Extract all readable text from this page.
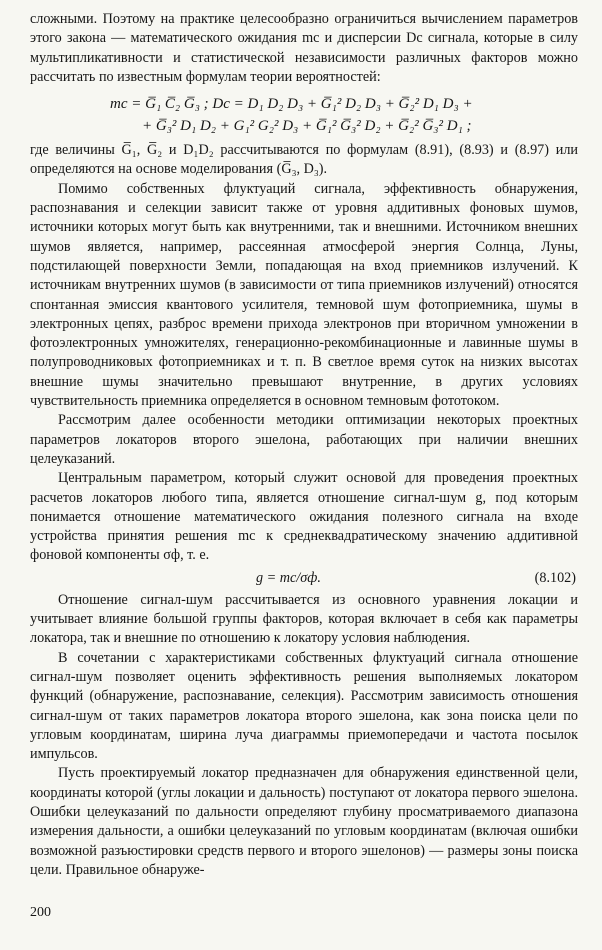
сложными. Поэтому на практике целесообразно ограничиться вычислением параметров этого закона — математического ожидания mc и дисперсии Dc сигнала, которые в силу мультипликативности и статистической независимости различных факторов можно рассчитать по известным формулам теории вероятностей:

mc = G̅₁ C̅₂ G̅₃ ; Dc = D₁ D₂ D₃ + G̅₁² D₂ D₃ + G̅₂² D₁ D₃ +
+ G̅₃² D₁ D₂ + G₁² G₂² D₃ + G̅₁² G̅₃² D₂ + G̅₂² G̅₃² D₁ ;

где величины G̅₁, G̅₂ и D₁D₂ рассчитываются по формулам (8.91), (8.93) и (8.97) или определяются на основе моделирования (G̅₃, D₃).

Помимо собственных флуктуаций сигнала, эффективность обнаружения, распознавания и селекции зависит также от уровня аддитивных фоновых шумов, источники которых могут быть как внутренними, так и внешними. Источником внешних шумов является, например, рассеянная атмосферой энергия Солнца, Луны, подстилающей поверхности Земли, попадающая на вход приемников излучений. К источникам внутренних шумов (в зависимости от типа приемников излучений) относятся спонтанная эмиссия квантового усилителя, темновой шум фотоприемника, шумы в электронных цепях, разброс времени прихода электронов при вторичном умножении в фотоэлектронных умножителях, генерационно-рекомбинационные и лавинные шумы в полупроводниковых фотоприемниках и т. п. В светлое время суток на низких высотах внешние шумы значительно превышают внутренние, в других условиях чувствительность приемника определяется в основном темновым фототоком.

Рассмотрим далее особенности методики оптимизации некоторых проектных параметров локаторов второго эшелона, работающих при наличии внешних целеуказаний.

Центральным параметром, который служит основой для проведения проектных расчетов локаторов любого типа, является отношение сигнал-шум g, под которым понимается отношение математического ожидания полезного сигнала на входе устройства принятия решения mc к среднеквадратическому значению аддитивной фоновой компоненты σф, т. е.

g = mc/σф.	(8.102)

Отношение сигнал-шум рассчитывается из основного уравнения локации и учитывает влияние большой группы факторов, которая включает в себя как параметры локатора, так и внешние по отношению к локатору условия наблюдения.

В сочетании с характеристиками собственных флуктуаций сигнала отношение сигнал-шум позволяет оценить эффективность решения выполняемых локатором функций (обнаружение, распознавание, селекция). Рассмотрим зависимость отношения сигнал-шум от таких параметров локатора второго эшелона, как зона поиска цели по угловым координатам, ширина луча диаграммы приемопередачи и частота посылок импульсов.

Пусть проектируемый локатор предназначен для обнаружения единственной цели, координаты которой (углы локации и дальность) поступают от локатора первого эшелона. Ошибки целеуказаний по дальности определяют глубину просматриваемого диапазона измерения дальности, а ошибки целеуказаний по угловым координатам (включая ошибки возможной разъюстировки средств первого и второго эшелонов) — размеры зоны поиска цели. Правильное обнаруже-

200
